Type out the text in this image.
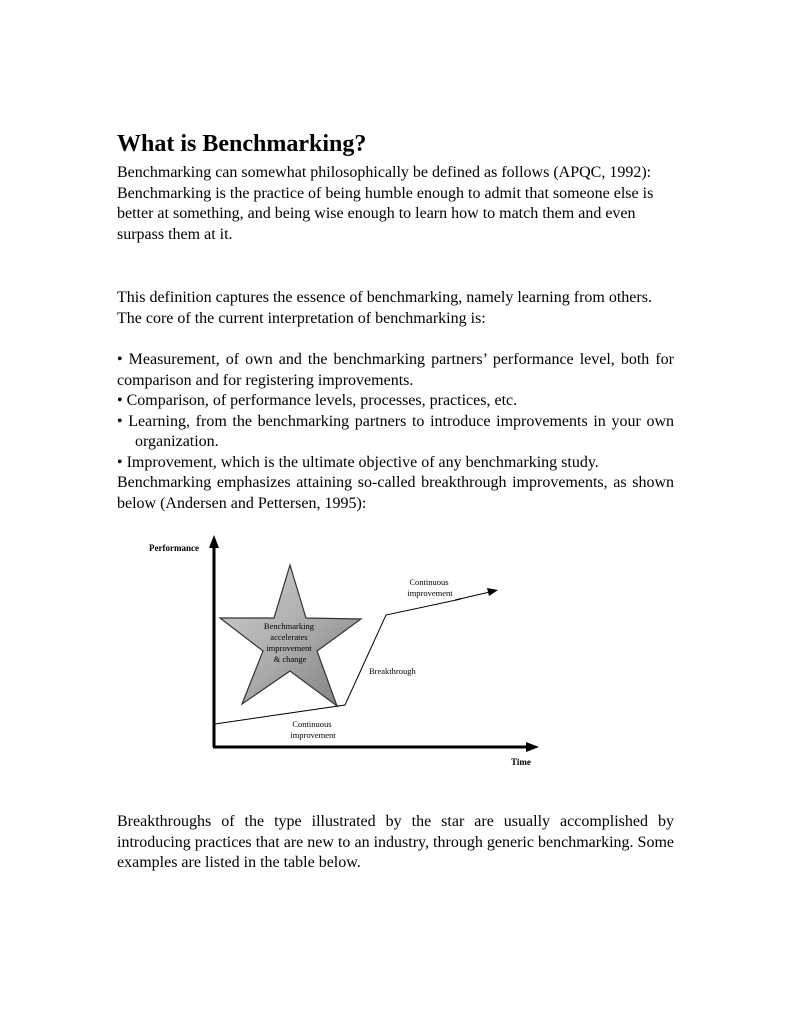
What is Benchmarking?

Benchmarking can somewhat philosophically be defined as follows (APQC, 1992):

Benchmarking is the practice of being humble enough to admit that someone else is better at something, and being wise enough to learn how to match them and even surpass them at it.

This definition captures the essence of benchmarking, namely learning from others. The core of the current interpretation of benchmarking is:

• Measurement, of own and the benchmarking partners’ performance level, both for comparison and for registering improvements.

• Comparison, of performance levels, processes, practices, etc.

• Learning, from the benchmarking partners to introduce improvements in your own organization.

• Improvement, which is the ultimate objective of any benchmarking study.

Benchmarking emphasizes attaining so-called breakthrough improvements, as shown below (Andersen and Pettersen, 1995):

Performance
Time
Benchmarking accelerates improvement & change
Continuous improvement
Breakthrough
Continuous improvement

Breakthroughs of the type illustrated by the star are usually accomplished by introducing practices that are new to an industry, through generic benchmarking. Some examples are listed in the table below.
